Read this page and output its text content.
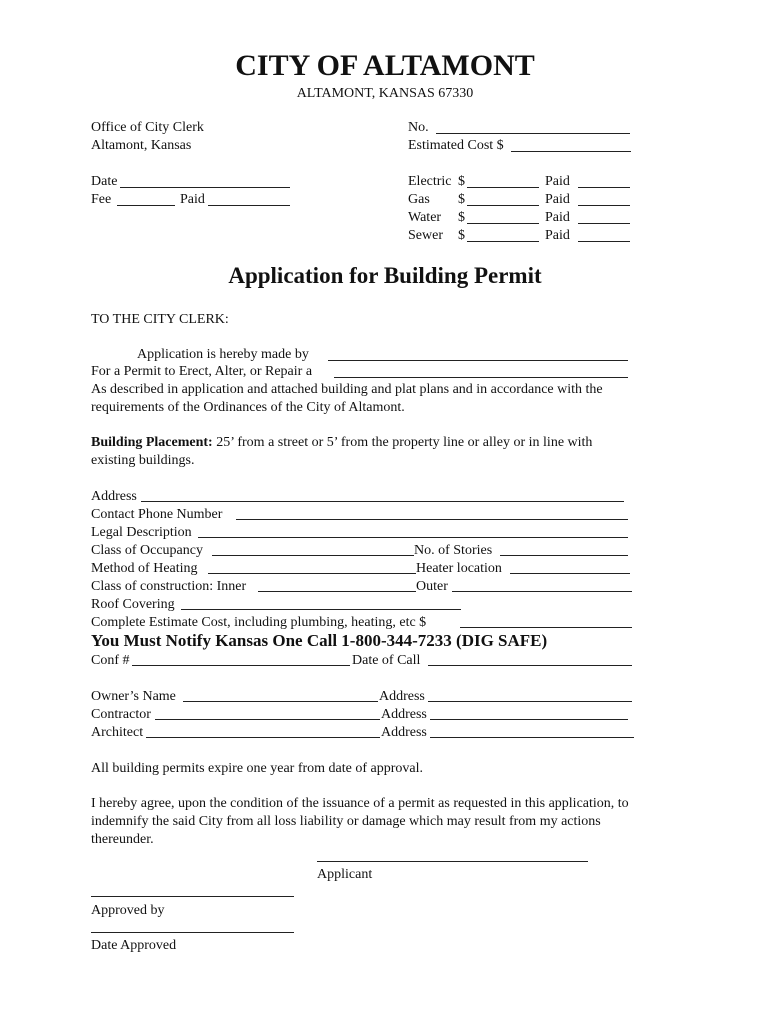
CITY OF ALTAMONT
ALTAMONT, KANSAS 67330
Office of City Clerk
Altamont, Kansas
Date
Fee	Paid
No.
Estimated Cost $
Electric $	Paid
Gas $	Paid
Water $	Paid
Sewer $	Paid
Application for Building Permit
TO THE CITY CLERK:
Application is hereby made by
For a Permit to Erect, Alter, or Repair a
As described in application and attached building and plat plans and in accordance with the
requirements of the Ordinances of the City of Altamont.
Building Placement: 25’ from a street or 5’ from the property line or alley or in line with
existing buildings.
Address
Contact Phone Number
Legal Description
Class of Occupancy	No. of Stories
Method of Heating	Heater location
Class of construction: Inner	Outer
Roof Covering
Complete Estimate Cost, including plumbing, heating, etc $
You Must Notify Kansas One Call 1-800-344-7233 (DIG SAFE)
Conf #	Date of Call
Owner’s Name	Address
Contractor	Address
Architect	Address
All building permits expire one year from date of approval.
I hereby agree, upon the condition of the issuance of a permit as requested in this application, to
indemnify the said City from all loss liability or damage which may result from my actions
thereunder.
Applicant
Approved by
Date Approved
